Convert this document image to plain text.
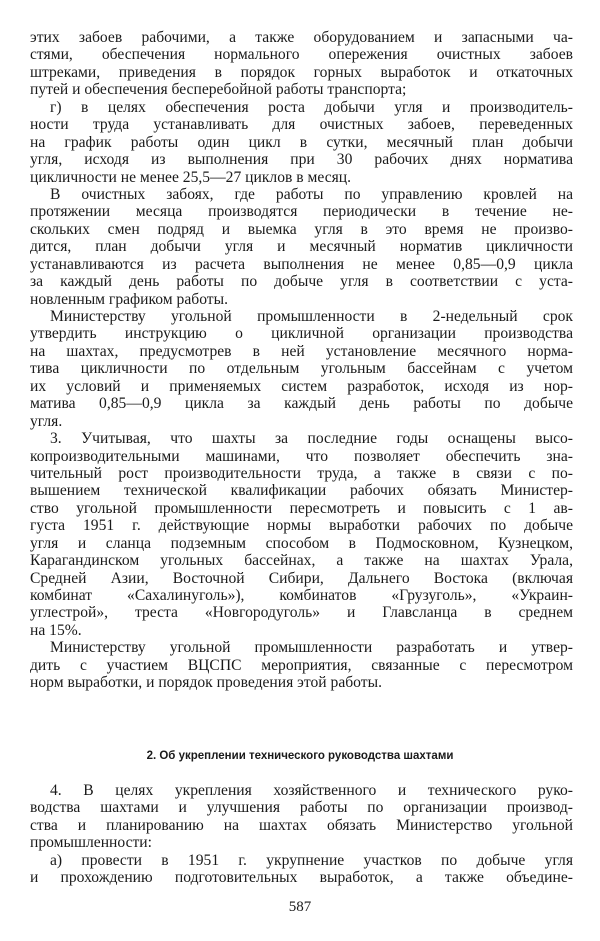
этих забоев рабочими, а также оборудованием и запасными ча-
стями, обеспечения нормального опережения очистных забоев
штреками, приведения в порядок горных выработок и откаточных
путей и обеспечения бесперебойной работы транспорта;
г) в целях обеспечения роста добычи угля и производитель-
ности труда устанавливать для очистных забоев, переведенных
на график работы один цикл в сутки, месячный план добычи
угля, исходя из выполнения при 30 рабочих днях норматива
цикличности не менее 25,5—27 циклов в месяц.
В очистных забоях, где работы по управлению кровлей на
протяжении месяца производятся периодически в течение не-
скольких смен подряд и выемка угля в это время не произво-
дится, план добычи угля и месячный норматив цикличности
устанавливаются из расчета выполнения не менее 0,85—0,9 цикла
за каждый день работы по добыче угля в соответствии с уста-
новленным графиком работы.
Министерству угольной промышленности в 2-недельный срок
утвердить инструкцию о цикличной организации производства
на шахтах, предусмотрев в ней установление месячного норма-
тива цикличности по отдельным угольным бассейнам с учетом
их условий и применяемых систем разработок, исходя из нор-
матива 0,85—0,9 цикла за каждый день работы по добыче
угля.
3. Учитывая, что шахты за последние годы оснащены высо-
копроизводительными машинами, что позволяет обеспечить зна-
чительный рост производительности труда, а также в связи с по-
вышением технической квалификации рабочих обязать Министер-
ство угольной промышленности пересмотреть и повысить с 1 ав-
густа 1951 г. действующие нормы выработки рабочих по добыче
угля и сланца подземным способом в Подмосковном, Кузнецком,
Карагандинском угольных бассейнах, а также на шахтах Урала,
Средней Азии, Восточной Сибири, Дальнего Востока (включая
комбинат «Сахалинуголь»), комбинатов «Грузуголь», «Украин-
углестрой», треста «Новгородуголь» и Главсланца в среднем
на 15%.
Министерству угольной промышленности разработать и утвер-
дить с участием ВЦСПС мероприятия, связанные с пересмотром
норм выработки, и порядок проведения этой работы.
2. Об укреплении технического руководства шахтами
4. В целях укрепления хозяйственного и технического руко-
водства шахтами и улучшения работы по организации производ-
ства и планированию на шахтах обязать Министерство угольной
промышленности:
а) провести в 1951 г. укрупнение участков по добыче угля
и прохождению подготовительных выработок, а также объедине-
587
